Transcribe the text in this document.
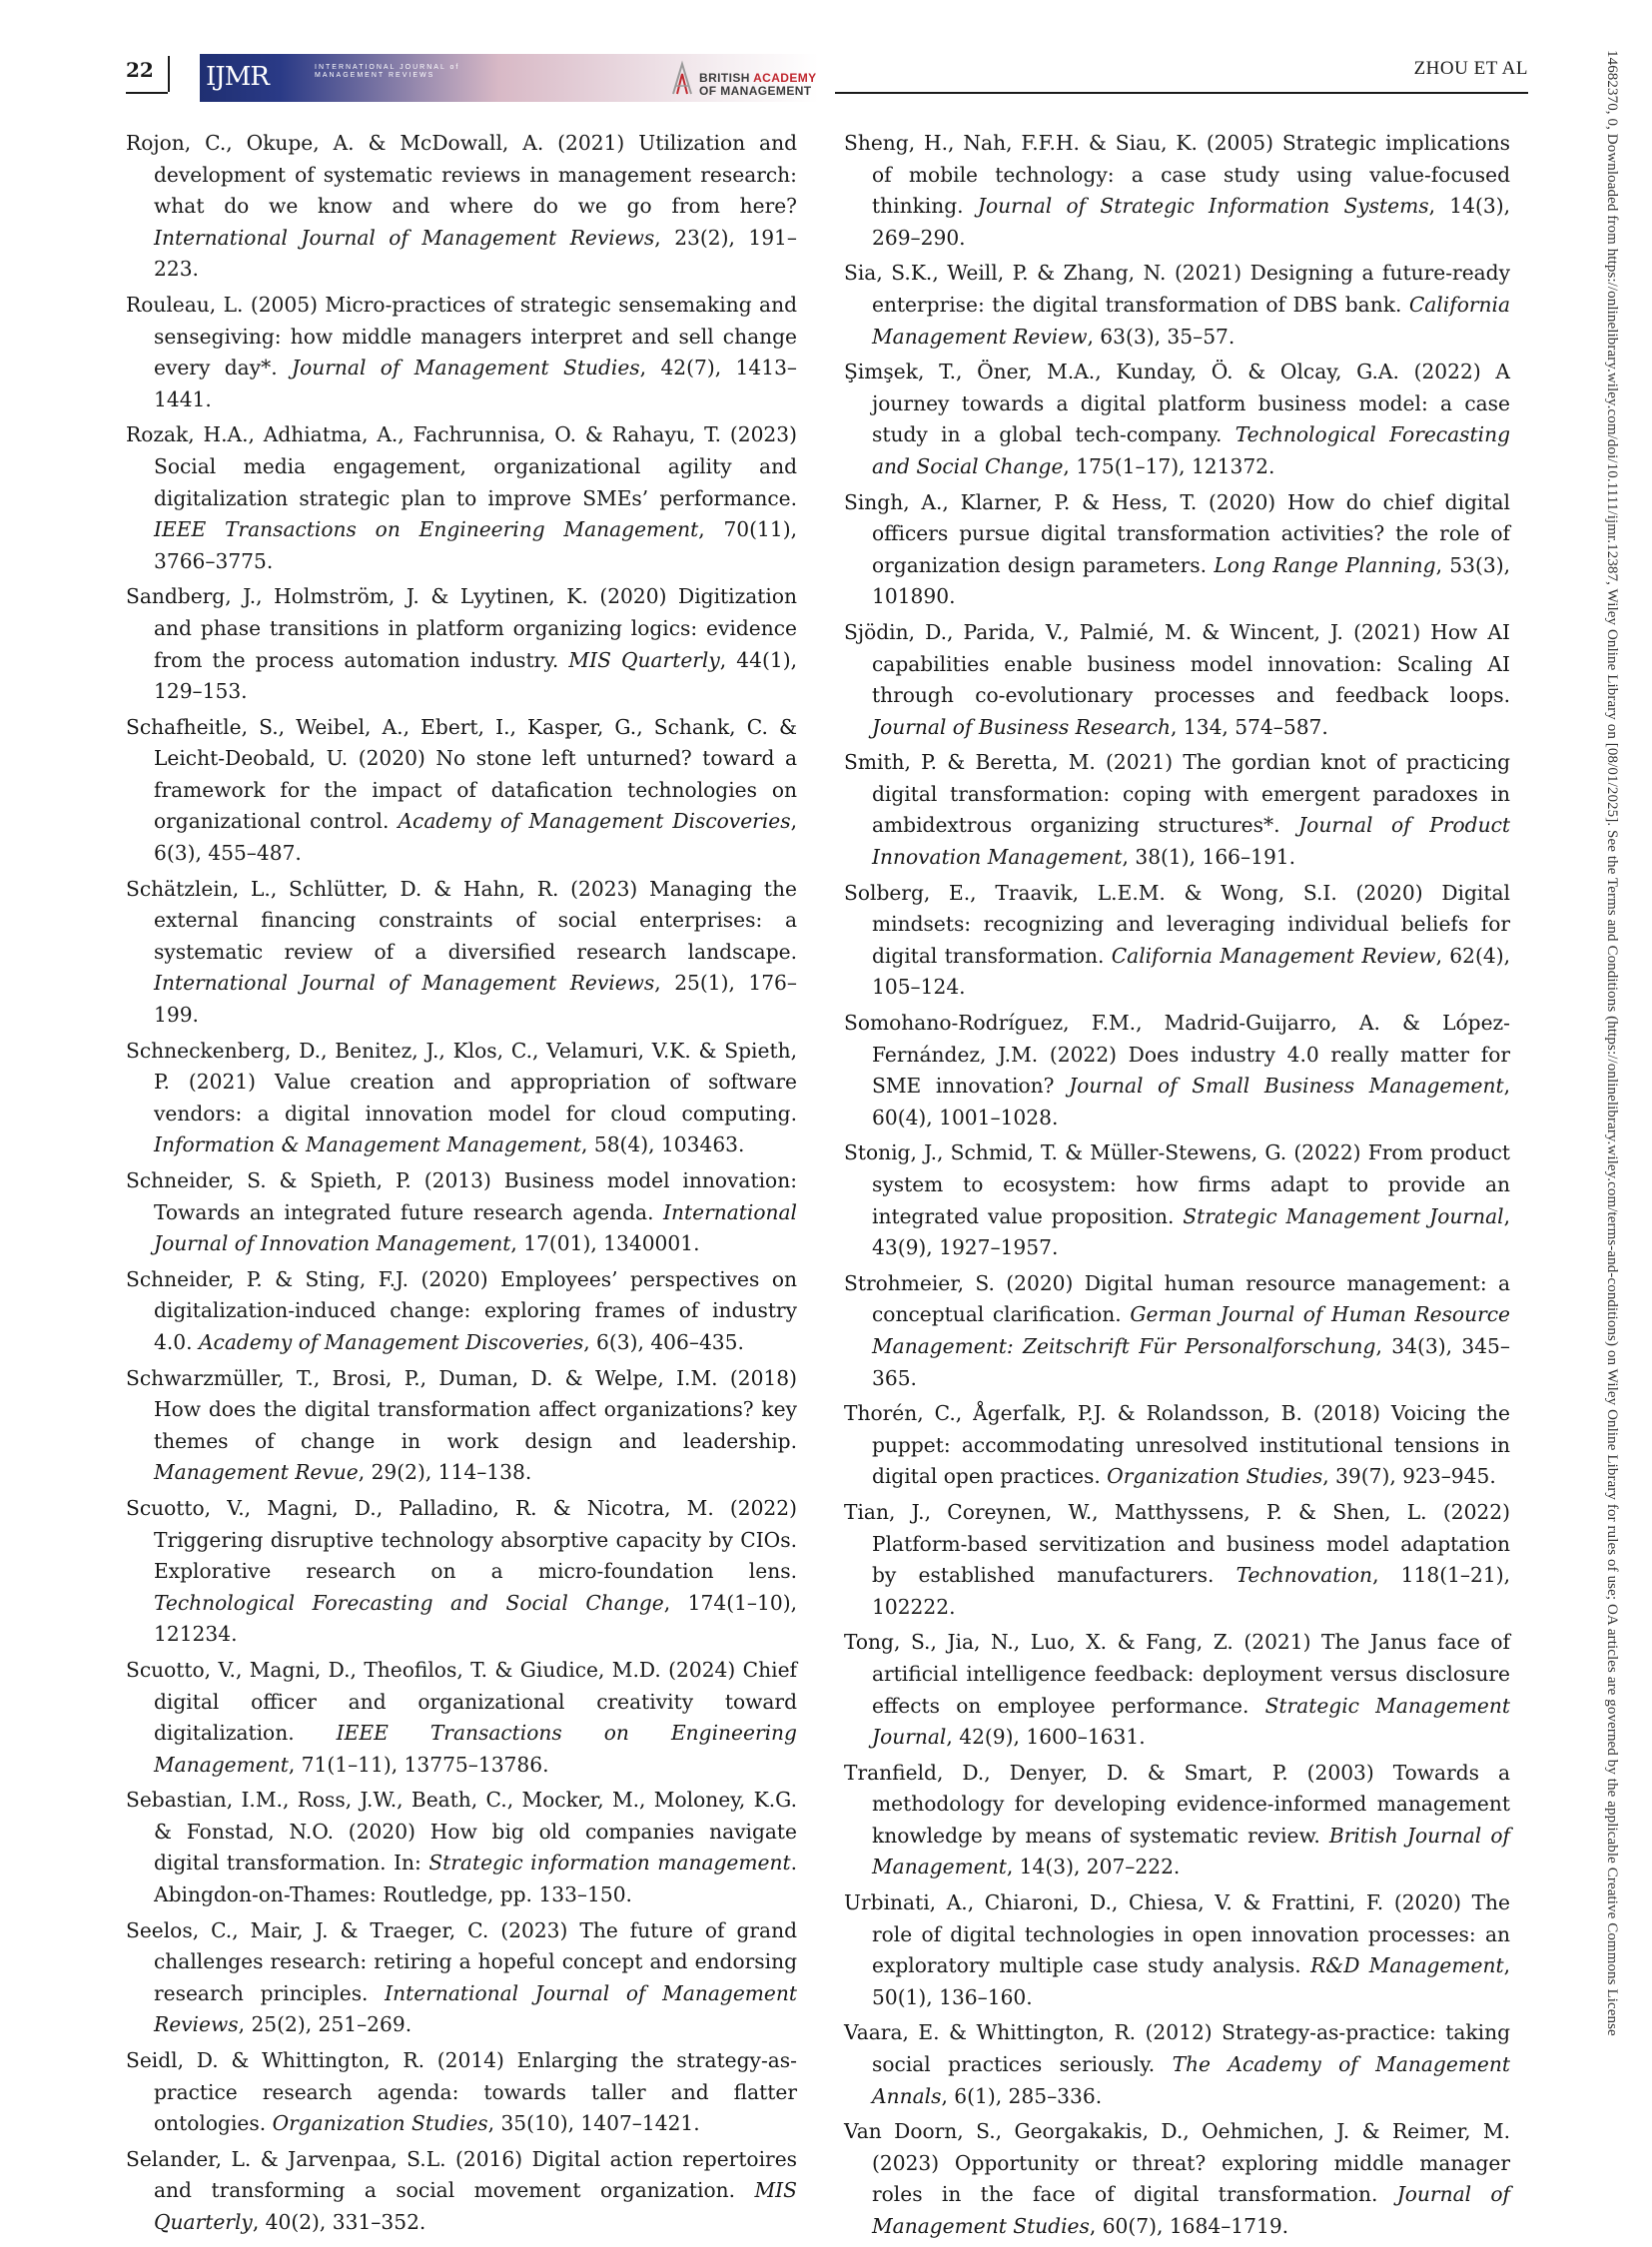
22 IJMR	INTERNATIONAL JOURNAL of MANAGEMENT REVIEWS	BRITISH ACADEMY
OF MANAGEMENT
ZHOU ET AL

Rojon, C., Okupe, A. & McDowall, A. (2021) Utilization and development of systematic reviews in management research: what do we know and where do we go from here? International Journal of Management Reviews, 23(2), 191–223.

Rouleau, L. (2005) Micro-practices of strategic sensemaking and sensegiving: how middle managers interpret and sell change every day*. Journal of Management Studies, 42(7), 1413–1441.

Rozak, H.A., Adhiatma, A., Fachrunnisa, O. & Rahayu, T. (2023) Social media engagement, organizational agility and digitalization strategic plan to improve SMEs’ performance. IEEE Transactions on Engineering Management, 70(11), 3766–3775.

Sandberg, J., Holmström, J. & Lyytinen, K. (2020) Digitization and phase transitions in platform organizing logics: evidence from the process automation industry. MIS Quarterly, 44(1), 129–153.

Schafheitle, S., Weibel, A., Ebert, I., Kasper, G., Schank, C. & Leicht-Deobald, U. (2020) No stone left unturned? toward a framework for the impact of datafication technologies on organizational control. Academy of Management Discoveries, 6(3), 455–487.

Schätzlein, L., Schlütter, D. & Hahn, R. (2023) Managing the external financing constraints of social enterprises: a systematic review of a diversified research landscape. International Journal of Management Reviews, 25(1), 176–199.

Schneckenberg, D., Benitez, J., Klos, C., Velamuri, V.K. & Spieth, P. (2021) Value creation and appropriation of software vendors: a digital innovation model for cloud computing. Information & Management Management, 58(4), 103463.

Schneider, S. & Spieth, P. (2013) Business model innovation: Towards an integrated future research agenda. International Journal of Innovation Management, 17(01), 1340001.

Schneider, P. & Sting, F.J. (2020) Employees’ perspectives on digitalization-induced change: exploring frames of industry 4.0. Academy of Management Discoveries, 6(3), 406–435.

Schwarzmüller, T., Brosi, P., Duman, D. & Welpe, I.M. (2018) How does the digital transformation affect organizations? key themes of change in work design and leadership. Management Revue, 29(2), 114–138.

Scuotto, V., Magni, D., Palladino, R. & Nicotra, M. (2022) Triggering disruptive technology absorptive capacity by CIOs. Explorative research on a micro-foundation lens. Technological Forecasting and Social Change, 174(1–10), 121234.

Scuotto, V., Magni, D., Theofilos, T. & Giudice, M.D. (2024) Chief digital officer and organizational creativity toward digitalization. IEEE Transactions on Engineering Management, 71(1–11), 13775–13786.

Sebastian, I.M., Ross, J.W., Beath, C., Mocker, M., Moloney, K.G. & Fonstad, N.O. (2020) How big old companies navigate digital transformation. In: Strategic information management. Abingdon-on-Thames: Routledge, pp. 133–150.

Seelos, C., Mair, J. & Traeger, C. (2023) The future of grand challenges research: retiring a hopeful concept and endorsing research principles. International Journal of Management Reviews, 25(2), 251–269.

Seidl, D. & Whittington, R. (2014) Enlarging the strategy-as-practice research agenda: towards taller and flatter ontologies. Organization Studies, 35(10), 1407–1421.

Selander, L. & Jarvenpaa, S.L. (2016) Digital action repertoires and transforming a social movement organization. MIS Quarterly, 40(2), 331–352.

Sheng, H., Nah, F.F.H. & Siau, K. (2005) Strategic implications of mobile technology: a case study using value-focused thinking. Journal of Strategic Information Systems, 14(3), 269–290.

Sia, S.K., Weill, P. & Zhang, N. (2021) Designing a future-ready enterprise: the digital transformation of DBS bank. California Management Review, 63(3), 35–57.

Şimşek, T., Öner, M.A., Kunday, Ö. & Olcay, G.A. (2022) A journey towards a digital platform business model: a case study in a global tech-company. Technological Forecasting and Social Change, 175(1–17), 121372.

Singh, A., Klarner, P. & Hess, T. (2020) How do chief digital officers pursue digital transformation activities? the role of organization design parameters. Long Range Planning, 53(3), 101890.

Sjödin, D., Parida, V., Palmié, M. & Wincent, J. (2021) How AI capabilities enable business model innovation: Scaling AI through co-evolutionary processes and feedback loops. Journal of Business Research, 134, 574–587.

Smith, P. & Beretta, M. (2021) The gordian knot of practicing digital transformation: coping with emergent paradoxes in ambidextrous organizing structures*. Journal of Product Innovation Management, 38(1), 166–191.

Solberg, E., Traavik, L.E.M. & Wong, S.I. (2020) Digital mindsets: recognizing and leveraging individual beliefs for digital transformation. California Management Review, 62(4), 105–124.

Somohano-Rodríguez, F.M., Madrid-Guijarro, A. & López-Fernández, J.M. (2022) Does industry 4.0 really matter for SME innovation? Journal of Small Business Management, 60(4), 1001–1028.

Stonig, J., Schmid, T. & Müller-Stewens, G. (2022) From product system to ecosystem: how firms adapt to provide an integrated value proposition. Strategic Management Journal, 43(9), 1927–1957.

Strohmeier, S. (2020) Digital human resource management: a conceptual clarification. German Journal of Human Resource Management: Zeitschrift Für Personalforschung, 34(3), 345–365.

Thorén, C., Ågerfalk, P.J. & Rolandsson, B. (2018) Voicing the puppet: accommodating unresolved institutional tensions in digital open practices. Organization Studies, 39(7), 923–945.

Tian, J., Coreynen, W., Matthyssens, P. & Shen, L. (2022) Platform-based servitization and business model adaptation by established manufacturers. Technovation, 118(1–21), 102222.

Tong, S., Jia, N., Luo, X. & Fang, Z. (2021) The Janus face of artificial intelligence feedback: deployment versus disclosure effects on employee performance. Strategic Management Journal, 42(9), 1600–1631.

Tranfield, D., Denyer, D. & Smart, P. (2003) Towards a methodology for developing evidence-informed management knowledge by means of systematic review. British Journal of Management, 14(3), 207–222.

Urbinati, A., Chiaroni, D., Chiesa, V. & Frattini, F. (2020) The role of digital technologies in open innovation processes: an exploratory multiple case study analysis. R&D Management, 50(1), 136–160.

Vaara, E. & Whittington, R. (2012) Strategy-as-practice: taking social practices seriously. The Academy of Management Annals, 6(1), 285–336.

Van Doorn, S., Georgakakis, D., Oehmichen, J. & Reimer, M. (2023) Opportunity or threat? exploring middle manager roles in the face of digital transformation. Journal of Management Studies, 60(7), 1684–1719.

14682370, 0, Downloaded from https://onlinelibrary.wiley.com/doi/10.1111/ijmr.12387, Wiley Online Library on [08/01/2025]. See the Terms and Conditions (https://onlinelibrary.wiley.com/terms-and-conditions) on Wiley Online Library for rules of use; OA articles are governed by the applicable Creative Commons License
